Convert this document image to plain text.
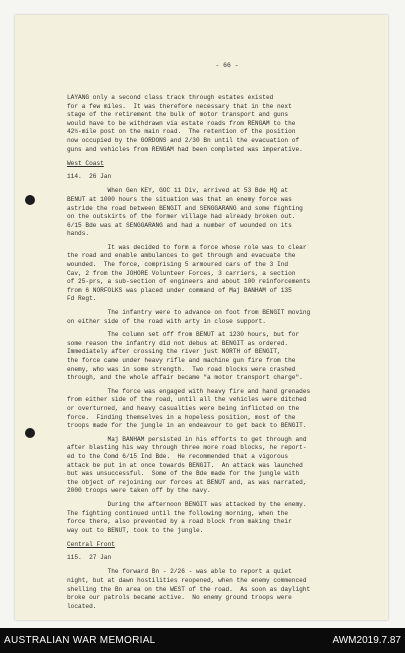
- 66 -

LAYANG only a second class track through estates existed
for a few miles.  It was therefore necessary that in the next
stage of the retirement the bulk of motor transport and guns
would have to be withdrawn via estate roads from RENGAM to the
42½-mile post on the main road.  The retention of the position
now occupied by the GORDONS and 2/30 Bn until the evacuation of
guns and vehicles from RENGAM had been completed was imperative.
West Coast
114.  26 Jan
When Gen KEY, GOC 11 Div, arrived at 53 Bde HQ at
BENUT at 1000 hours the situation was that an enemy force was
astride the road between BENGIT and SENGGARANG and some fighting
on the outskirts of the former village had already broken out.
6/15 Bde was at SENGGARANG and had a number of wounded on its
hands.
It was decided to form a force whose role was to clear
the road and enable ambulances to get through and evacuate the
wounded.  The force, comprising 5 armoured cars of the 3 Ind
Cav, 2 from the JOHORE Volunteer Forces, 3 carriers, a section
of 25-prs, a sub-section of engineers and about 100 reinforcements
from 6 NORFOLKS was placed under command of Maj BANHAM of 135
Fd Regt.
The infantry were to advance on foot from BENGIT moving
on either side of the road with arty in close support.
The column set off from BENUT at 1230 hours, but for
some reason the infantry did not debus at BENGIT as ordered.
Immediately after crossing the river just NORTH of BENGIT,
the force came under heavy rifle and machine gun fire from the
enemy, who was in some strength.  Two road blocks were crashed
through, and the whole affair became "a motor transport charge".
The force was engaged with heavy fire and hand grenades
from either side of the road, until all the vehicles were ditched
or overturned, and heavy casualties were being inflicted on the
force.  Finding themselves in a hopeless position, most of the
troops made for the jungle in an endeavour to get back to BENGIT.
Maj BANHAM persisted in his efforts to get through and
after blasting his way through three more road blocks, he report-
ed to the Comd 6/15 Ind Bde.  He recommended that a vigorous
attack be put in at once towards BENGIT.  An attack was launched
but was unsuccessful.  Some of the Bde made for the jungle with
the object of rejoining our forces at BENUT and, as was narrated,
2000 troops were taken off by the navy.
During the afternoon BENGIT was attacked by the enemy.
The fighting continued until the following morning, when the
force there, also prevented by a road block from making their
way out to BENUT, took to the jungle.
Central Front
115.  27 Jan
The forward Bn - 2/26 - was able to report a quiet
night, but at dawn hostilities reopened, when the enemy commenced
shelling the Bn area on the WEST of the road.  As soon as daylight
broke our patrols became active.  No enemy ground troops were
located.

AUSTRALIAN WAR MEMORIAL	AWM2019.7.87
